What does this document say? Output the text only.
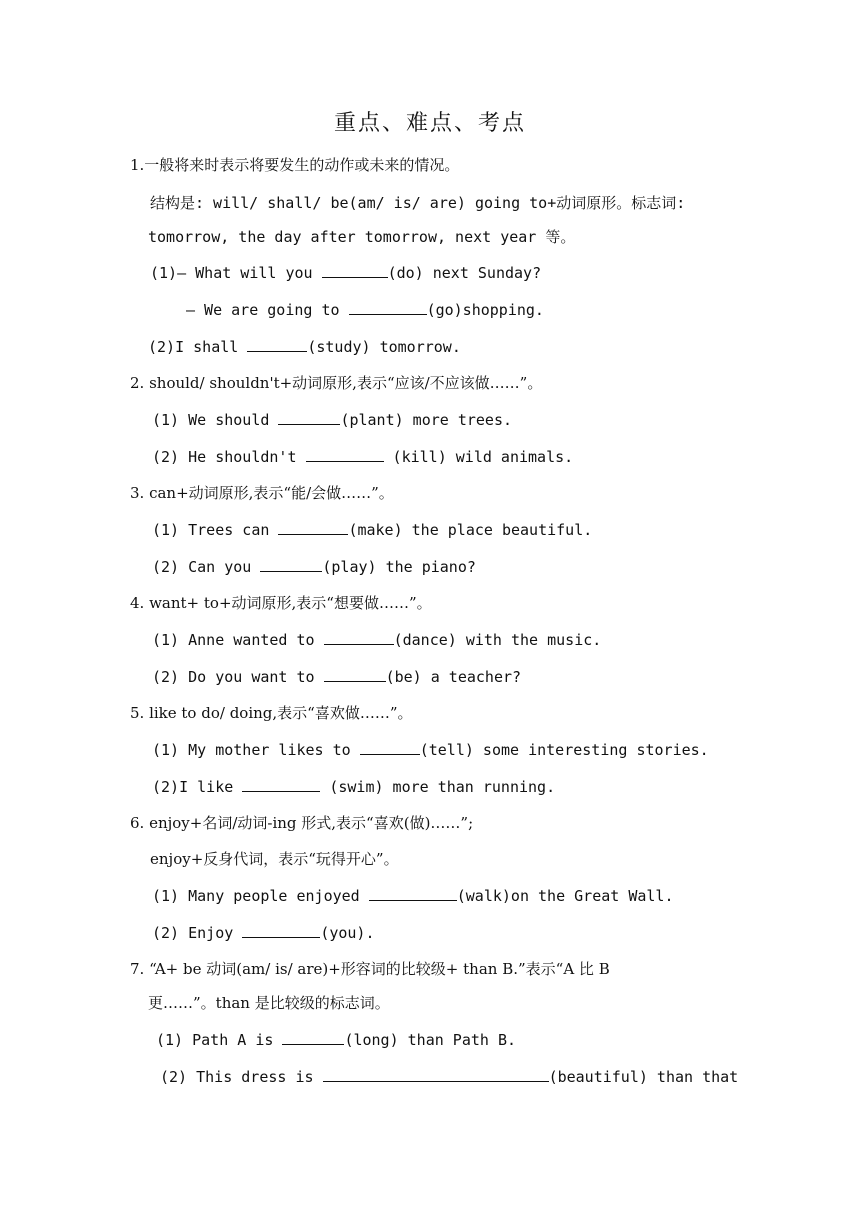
重点、难点、考点
1.一般将来时表示将要发生的动作或未来的情况。
结构是: will/ shall/ be(am/ is/ are) going to+动词原形。标志词:
tomorrow, the day after tomorrow, next year 等。
(1)— What will you	(do) next Sunday?
— We are going to	(go)shopping.
(2)I shall	(study) tomorrow.
2. should/ shouldn't+动词原形,表示“应该/不应该做……”。
(1) We should	(plant) more trees.
(2) He shouldn't	(kill) wild animals.
3. can+动词原形,表示“能/会做……”。
(1) Trees can	(make) the place beautiful.
(2) Can you	(play) the piano?
4. want+ to+动词原形,表示“想要做……”。
(1) Anne wanted to	(dance) with the music.
(2) Do you want to	(be) a teacher?
5. like to do/ doing,表示“喜欢做……”。
(1) My mother likes to	(tell) some interesting stories.
(2)I like	(swim) more than running.
6. enjoy+名词/动词-ing 形式,表示“喜欢(做)……”;
enjoy+反身代词，表示“玩得开心”。
(1) Many people enjoyed	(walk)on the Great Wall.
(2) Enjoy	(you).
7. “A+ be 动词(am/ is/ are)+形容词的比较级+ than B.”表示“A 比 B
更……”。than 是比较级的标志词。
(1) Path A is	(long) than Path B.
(2) This dress is	(beautiful) than that
